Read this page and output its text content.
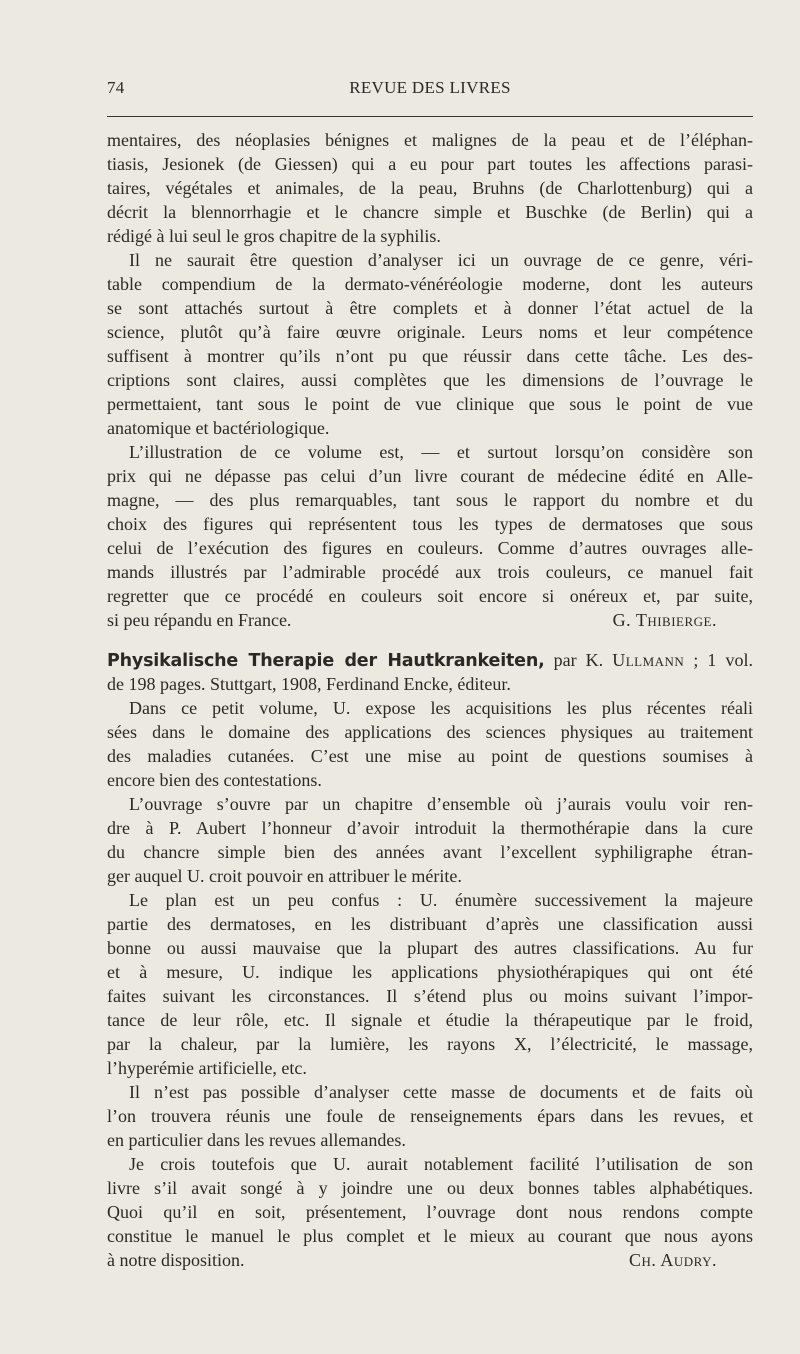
74	REVUE DES LIVRES
mentaires, des néoplasies bénignes et malignes de la peau et de l’éléphan-
tiasis, Jesionek (de Giessen) qui a eu pour part toutes les affections parasi-
taires, végétales et animales, de la peau, Bruhns (de Charlottenburg) qui a
décrit la blennorrhagie et le chancre simple et Buschke (de Berlin) qui a
rédigé à lui seul le gros chapitre de la syphilis.
Il ne saurait être question d’analyser ici un ouvrage de ce genre, véri-
table compendium de la dermato-vénéréologie moderne, dont les auteurs
se sont attachés surtout à être complets et à donner l’état actuel de la
science, plutôt qu’à faire œuvre originale. Leurs noms et leur compétence
suffisent à montrer qu’ils n’ont pu que réussir dans cette tâche. Les des-
criptions sont claires, aussi complètes que les dimensions de l’ouvrage le
permettaient, tant sous le point de vue clinique que sous le point de vue
anatomique et bactériologique.
L’illustration de ce volume est, — et surtout lorsqu’on considère son
prix qui ne dépasse pas celui d’un livre courant de médecine édité en Alle-
magne, — des plus remarquables, tant sous le rapport du nombre et du
choix des figures qui représentent tous les types de dermatoses que sous
celui de l’exécution des figures en couleurs. Comme d’autres ouvrages alle-
mands illustrés par l’admirable procédé aux trois couleurs, ce manuel fait
regretter que ce procédé en couleurs soit encore si onéreux et, par suite,
si peu répandu en France.	G. Thibierge.
Physikalische Therapie der Hautkrankeiten, par K. Ullmann ; 1 vol.
de 198 pages. Stuttgart, 1908, Ferdinand Encke, éditeur.
Dans ce petit volume, U. expose les acquisitions les plus récentes réali
sées dans le domaine des applications des sciences physiques au traitement
des maladies cutanées. C’est une mise au point de questions soumises à
encore bien des contestations.
L’ouvrage s’ouvre par un chapitre d’ensemble où j’aurais voulu voir ren-
dre à P. Aubert l’honneur d’avoir introduit la thermothérapie dans la cure
du chancre simple bien des années avant l’excellent syphiligraphe étran-
ger auquel U. croit pouvoir en attribuer le mérite.
Le plan est un peu confus : U. énumère successivement la majeure
partie des dermatoses, en les distribuant d’après une classification aussi
bonne ou aussi mauvaise que la plupart des autres classifications. Au fur
et à mesure, U. indique les applications physiothérapiques qui ont été
faites suivant les circonstances. Il s’étend plus ou moins suivant l’impor-
tance de leur rôle, etc. Il signale et étudie la thérapeutique par le froid,
par la chaleur, par la lumière, les rayons X, l’électricité, le massage,
l’hyperémie artificielle, etc.
Il n’est pas possible d’analyser cette masse de documents et de faits où
l’on trouvera réunis une foule de renseignements épars dans les revues, et
en particulier dans les revues allemandes.
Je crois toutefois que U. aurait notablement facilité l’utilisation de son
livre s’il avait songé à y joindre une ou deux bonnes tables alphabétiques.
Quoi qu’il en soit, présentement, l’ouvrage dont nous rendons compte
constitue le manuel le plus complet et le mieux au courant que nous ayons
à notre disposition.	Ch. Audry.
